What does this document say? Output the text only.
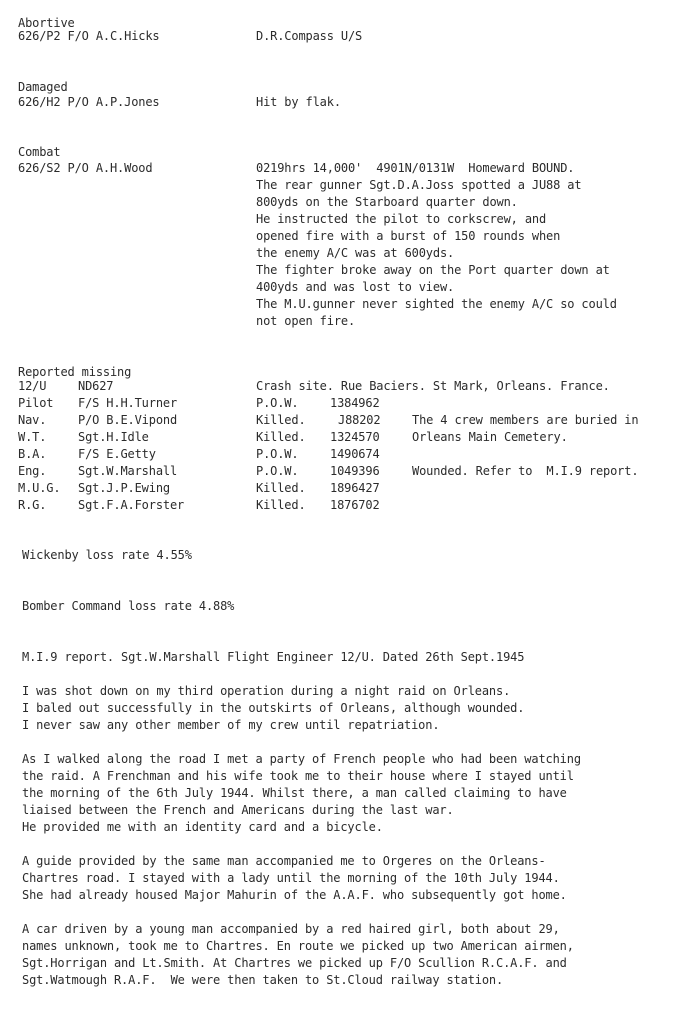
Abortive
626/P2 F/O A.C.Hicks	D.R.Compass U/S
Damaged
626/H2 P/O A.P.Jones	Hit by flak.
Combat
626/S2 P/O A.H.Wood	0219hrs 14,000'  4901N/0131W  Homeward BOUND.
The rear gunner Sgt.D.A.Joss spotted a JU88 at
800yds on the Starboard quarter down.
He instructed the pilot to corkscrew, and
opened fire with a burst of 150 rounds when
the enemy A/C was at 600yds.
The fighter broke away on the Port quarter down at
400yds and was lost to view.
The M.U.gunner never sighted the enemy A/C so could
not open fire.
Reported missing
12/U	ND627	Crash site. Rue Baciers. St Mark, Orleans. France.
Pilot F/S H.H.Turner	P.O.W.	1384962
Nav.	P/O B.E.Vipond	Killed.	J88202	The 4 crew members are buried in
W.T.	Sgt.H.Idle	Killed. 1324570	Orleans Main Cemetery.
B.A.	F/S E.Getty	P.O.W.	1490674
Eng.	Sgt.W.Marshall	P.O.W.	1049396	Wounded. Refer to  M.I.9 report.
M.U.G. Sgt.J.P.Ewing	Killed. 1896427
R.G.	Sgt.F.A.Forster	Killed. 1876702
Wickenby loss rate 4.55%
Bomber Command loss rate 4.88%
M.I.9 report. Sgt.W.Marshall Flight Engineer 12/U. Dated 26th Sept.1945
I was shot down on my third operation during a night raid on Orleans.
I baled out successfully in the outskirts of Orleans, although wounded.
I never saw any other member of my crew until repatriation.
As I walked along the road I met a party of French people who had been watching
the raid. A Frenchman and his wife took me to their house where I stayed until
the morning of the 6th July 1944. Whilst there, a man called claiming to have
liaised between the French and Americans during the last war.
He provided me with an identity card and a bicycle.
A guide provided by the same man accompanied me to Orgeres on the Orleans-
Chartres road. I stayed with a lady until the morning of the 10th July 1944.
She had already housed Major Mahurin of the A.A.F. who subsequently got home.
A car driven by a young man accompanied by a red haired girl, both about 29,
names unknown, took me to Chartres. En route we picked up two American airmen,
Sgt.Horrigan and Lt.Smith. At Chartres we picked up F/O Scullion R.C.A.F. and
Sgt.Watmough R.A.F.  We were then taken to St.Cloud railway station.
